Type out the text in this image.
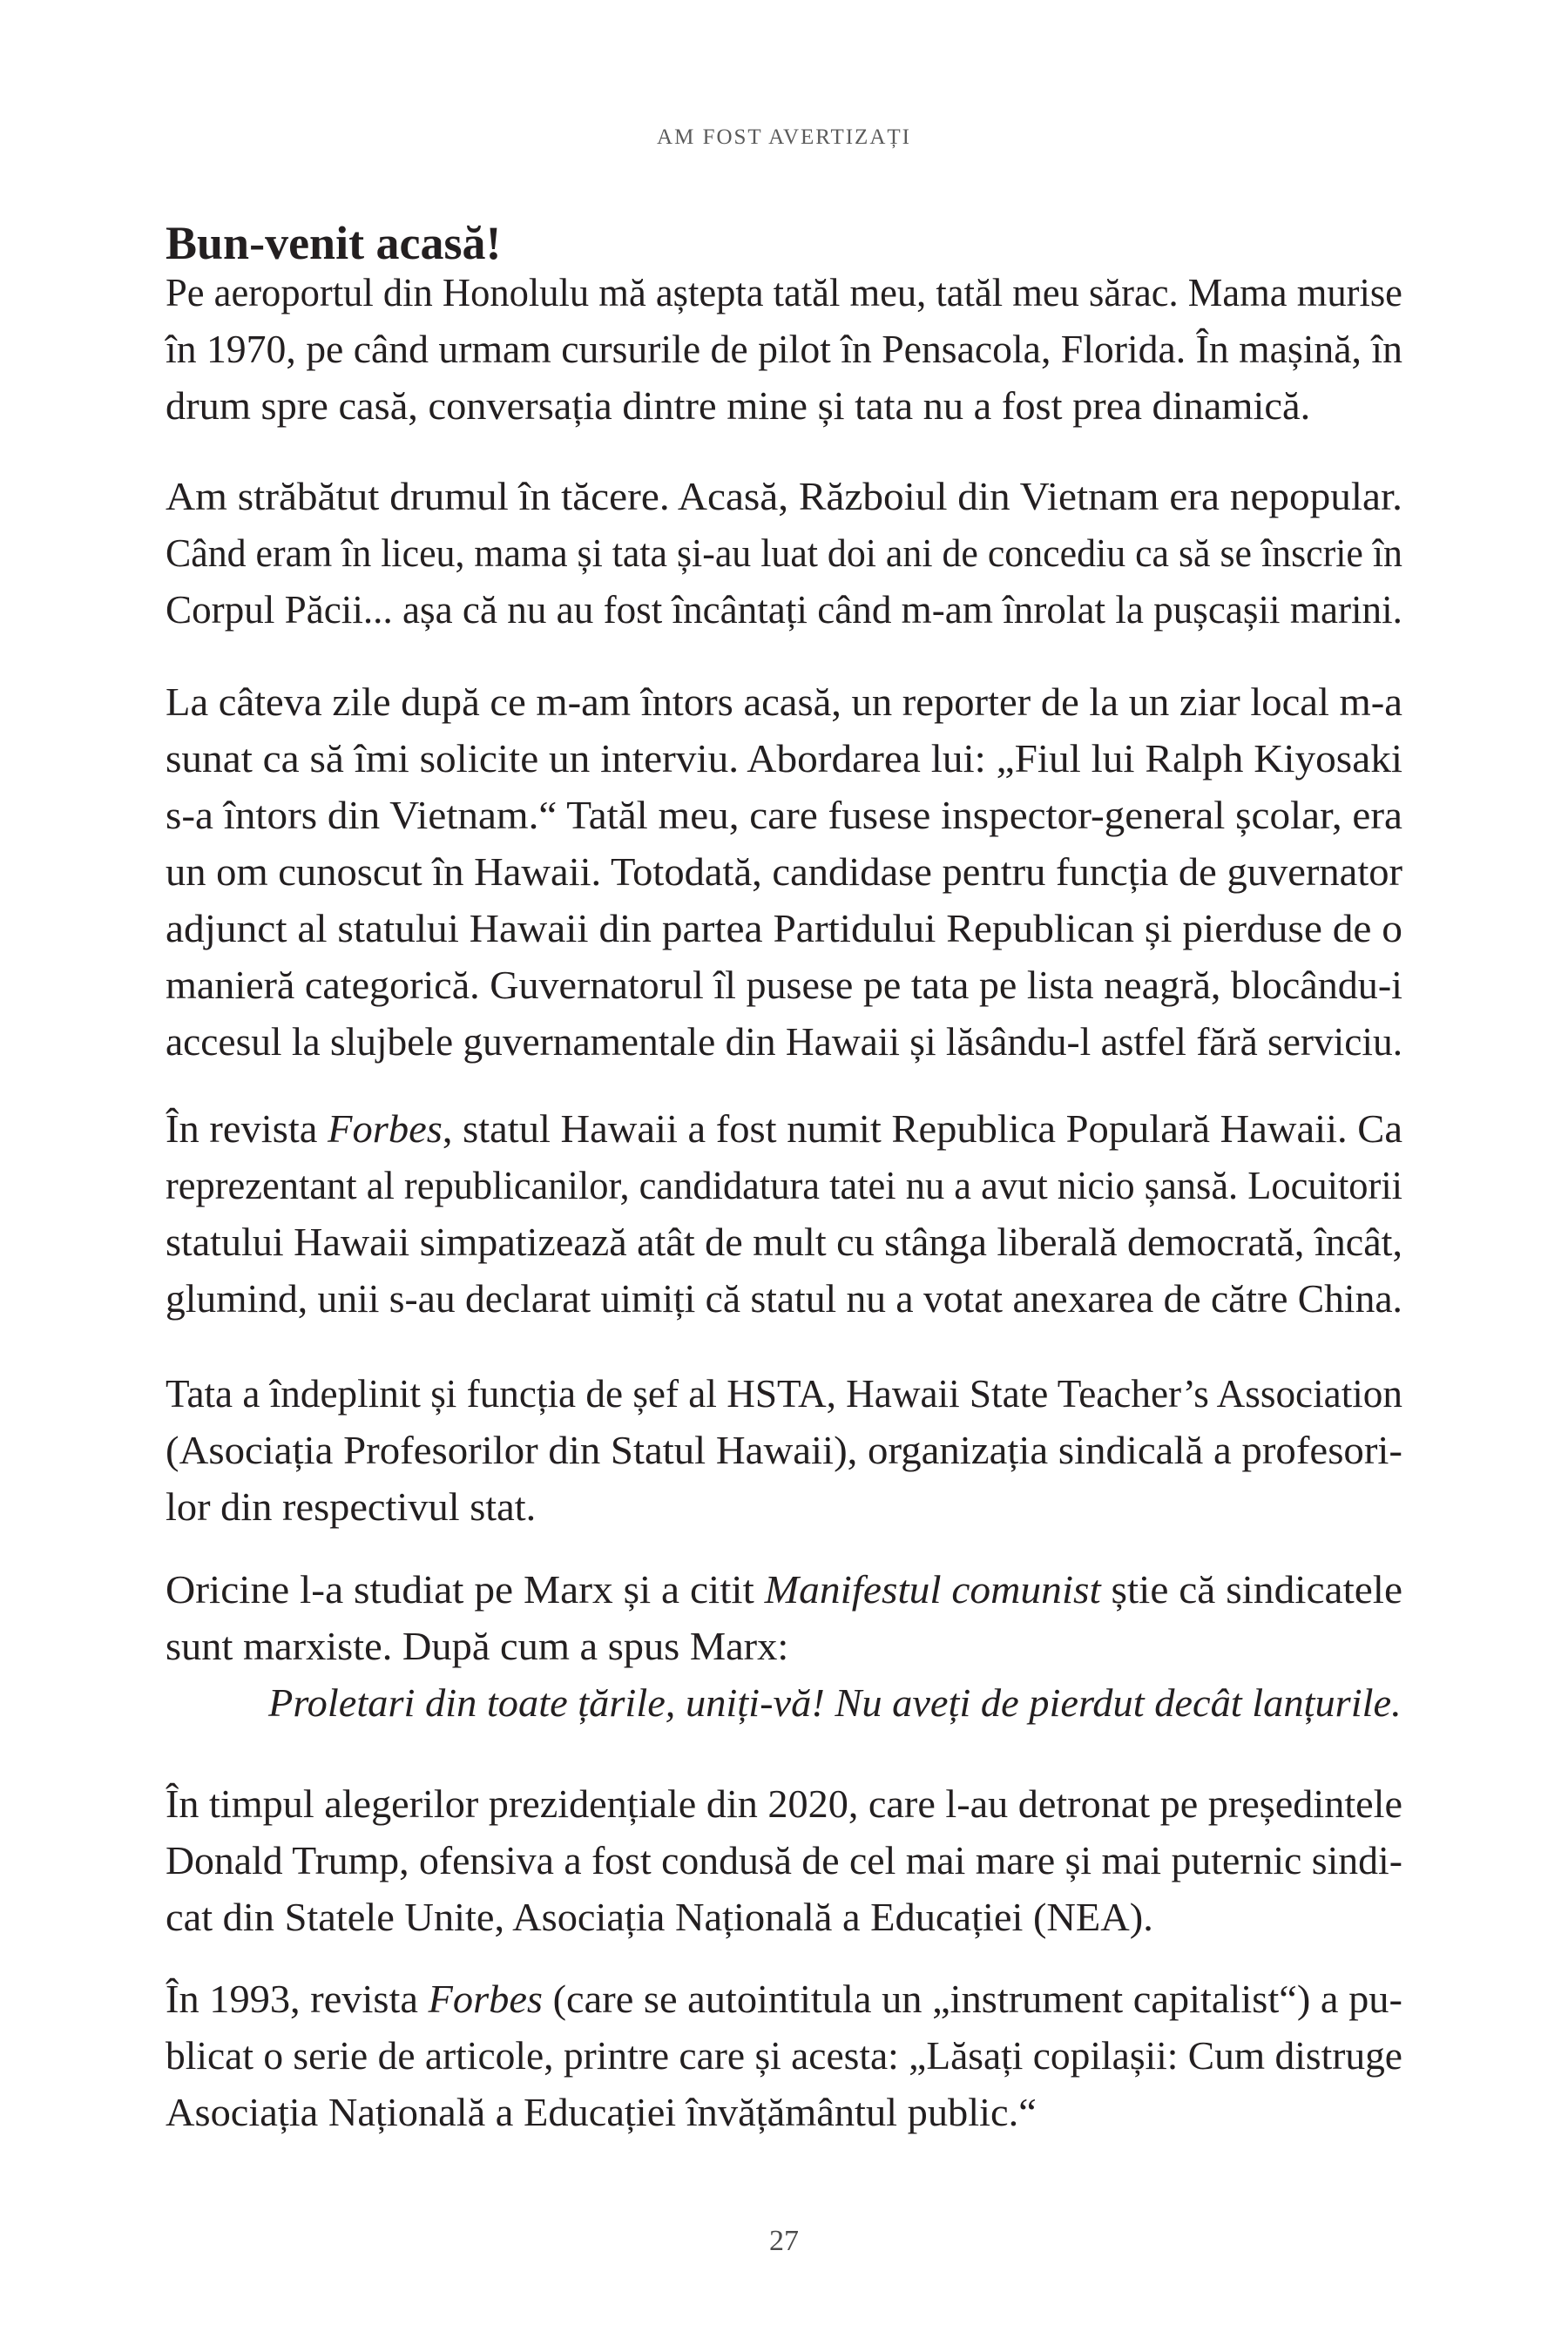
AM FOST AVERTIZAȚI
Bun-venit acasă!
Pe aeroportul din Honolulu mă aștepta tatăl meu, tatăl meu sărac. Mama murise
în 1970, pe când urmam cursurile de pilot în Pensacola, Florida. În mașină, în
drum spre casă, conversația dintre mine și tata nu a fost prea dinamică.
Am străbătut drumul în tăcere. Acasă, Războiul din Vietnam era nepopular.
Când eram în liceu, mama și tata și-au luat doi ani de concediu ca să se înscrie în
Corpul Păcii... așa că nu au fost încântați când m-am înrolat la pușcașii marini.
La câteva zile după ce m-am întors acasă, un reporter de la un ziar local m-a
sunat ca să îmi solicite un interviu. Abordarea lui: „Fiul lui Ralph Kiyosaki
s-a întors din Vietnam.“ Tatăl meu, care fusese inspector-general școlar, era
un om cunoscut în Hawaii. Totodată, candidase pentru funcția de guvernator
adjunct al statului Hawaii din partea Partidului Republican și pierduse de o
manieră categorică. Guvernatorul îl pusese pe tata pe lista neagră, blocându-i
accesul la slujbele guvernamentale din Hawaii și lăsându-l astfel fără serviciu.
În revista Forbes, statul Hawaii a fost numit Republica Populară Hawaii. Ca
reprezentant al republicanilor, candidatura tatei nu a avut nicio șansă. Locuitorii
statului Hawaii simpatizează atât de mult cu stânga liberală democrată, încât,
glumind, unii s-au declarat uimiți că statul nu a votat anexarea de către China.
Tata a îndeplinit și funcția de șef al HSTA, Hawaii State Teacher’s Association
(Asociația Profesorilor din Statul Hawaii), organizația sindicală a profesori-
lor din respectivul stat.
Oricine l-a studiat pe Marx și a citit Manifestul comunist știe că sindicatele
sunt marxiste. După cum a spus Marx:
Proletari din toate țările, uniți-vă! Nu aveți de pierdut decât lanțurile.
În timpul alegerilor prezidențiale din 2020, care l-au detronat pe președintele
Donald Trump, ofensiva a fost condusă de cel mai mare și mai puternic sindi-
cat din Statele Unite, Asociația Națională a Educației (NEA).
În 1993, revista Forbes (care se autointitula un „instrument capitalist“) a pu-
blicat o serie de articole, printre care și acesta: „Lăsați copilașii: Cum distruge
Asociația Națională a Educației învățământul public.“
27
